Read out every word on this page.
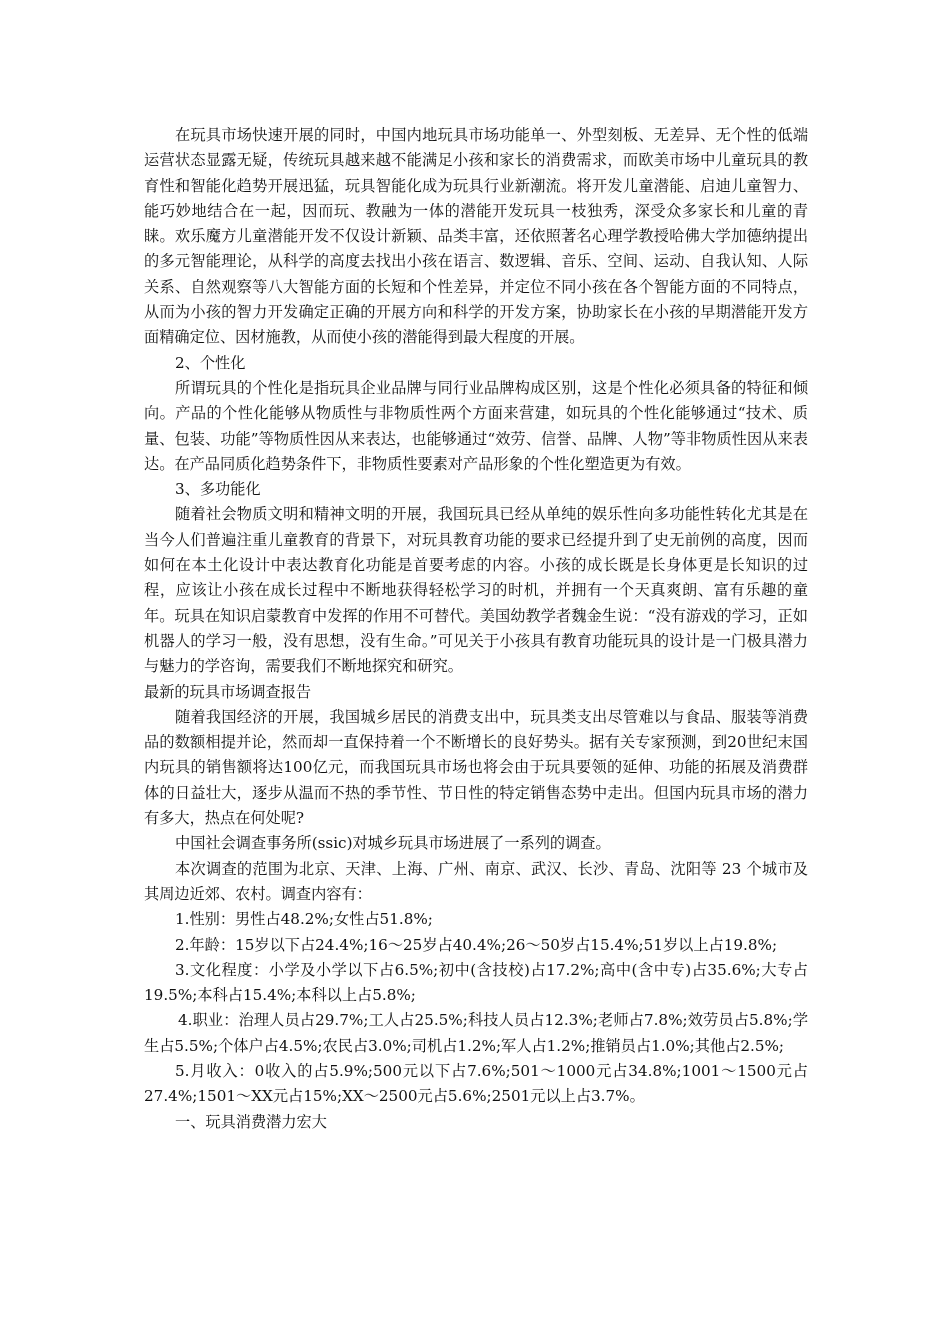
在玩具市场快速开展的同时，中国内地玩具市场功能单一、外型刻板、无差异、无个性的低端运营状态显露无疑，传统玩具越来越不能满足小孩和家长的消费需求，而欧美市场中儿童玩具的教育性和智能化趋势开展迅猛，玩具智能化成为玩具行业新潮流。将开发儿童潜能、启迪儿童智力、能巧妙地结合在一起，因而玩、教融为一体的潜能开发玩具一枝独秀，深受众多家长和儿童的青睐。欢乐魔方儿童潜能开发不仅设计新颖、品类丰富，还依照著名心理学教授哈佛大学加德纳提出的多元智能理论，从科学的高度去找出小孩在语言、数逻辑、音乐、空间、运动、自我认知、人际关系、自然观察等八大智能方面的长短和个性差异，并定位不同小孩在各个智能方面的不同特点，从而为小孩的智力开发确定正确的开展方向和科学的开发方案，协助家长在小孩的早期潜能开发方面精确定位、因材施教，从而使小孩的潜能得到最大程度的开展。

2、个性化

所谓玩具的个性化是指玩具企业品牌与同行业品牌构成区别，这是个性化必须具备的特征和倾向。产品的个性化能够从物质性与非物质性两个方面来营建，如玩具的个性化能够通过“技术、质量、包装、功能”等物质性因从来表达，也能够通过“效劳、信誉、品牌、人物”等非物质性因从来表达。在产品同质化趋势条件下，非物质性要素对产品形象的个性化塑造更为有效。

3、多功能化

随着社会物质文明和精神文明的开展，我国玩具已经从单纯的娱乐性向多功能性转化尤其是在当今人们普遍注重儿童教育的背景下，对玩具教育功能的要求已经提升到了史无前例的高度，因而如何在本土化设计中表达教育化功能是首要考虑的内容。小孩的成长既是长身体更是长知识的过程，应该让小孩在成长过程中不断地获得轻松学习的时机，并拥有一个天真爽朗、富有乐趣的童年。玩具在知识启蒙教育中发挥的作用不可替代。美国幼教学者魏金生说：“没有游戏的学习，正如机器人的学习一般，没有思想，没有生命。”可见关于小孩具有教育功能玩具的设计是一门极具潜力与魅力的学咨询，需要我们不断地探究和研究。

最新的玩具市场调查报告

随着我国经济的开展，我国城乡居民的消费支出中，玩具类支出尽管难以与食品、服装等消费品的数额相提并论，然而却一直保持着一个不断增长的良好势头。据有关专家预测，到20世纪末国内玩具的销售额将达100亿元，而我国玩具市场也将会由于玩具要领的延伸、功能的拓展及消费群体的日益壮大，逐步从温而不热的季节性、节日性的特定销售态势中走出。但国内玩具市场的潜力有多大，热点在何处呢?

中国社会调查事务所(ssic)对城乡玩具市场进展了一系列的调查。

本次调查的范围为北京、天津、上海、广州、南京、武汉、长沙、青岛、沈阳等 23 个城市及其周边近郊、农村。调查内容有：

1.性别：男性占48.2%;女性占51.8%;

2.年龄：15岁以下占24.4%;16～25岁占40.4%;26～50岁占15.4%;51岁以上占19.8%;

3.文化程度：小学及小学以下占6.5%;初中(含技校)占17.2%;高中(含中专)占35.6%;大专占19.5%;本科占15.4%;本科以上占5.8%;

4.职业：治理人员占29.7%;工人占25.5%;科技人员占12.3%;老师占7.8%;效劳员占5.8%;学生占5.5%;个体户占4.5%;农民占3.0%;司机占1.2%;军人占1.2%;推销员占1.0%;其他占2.5%;

5.月收入：0收入的占5.9%;500元以下占7.6%;501～1000元占34.8%;1001～1500元占27.4%;1501～XX元占15%;XX～2500元占5.6%;2501元以上占3.7%。

一、玩具消费潜力宏大
